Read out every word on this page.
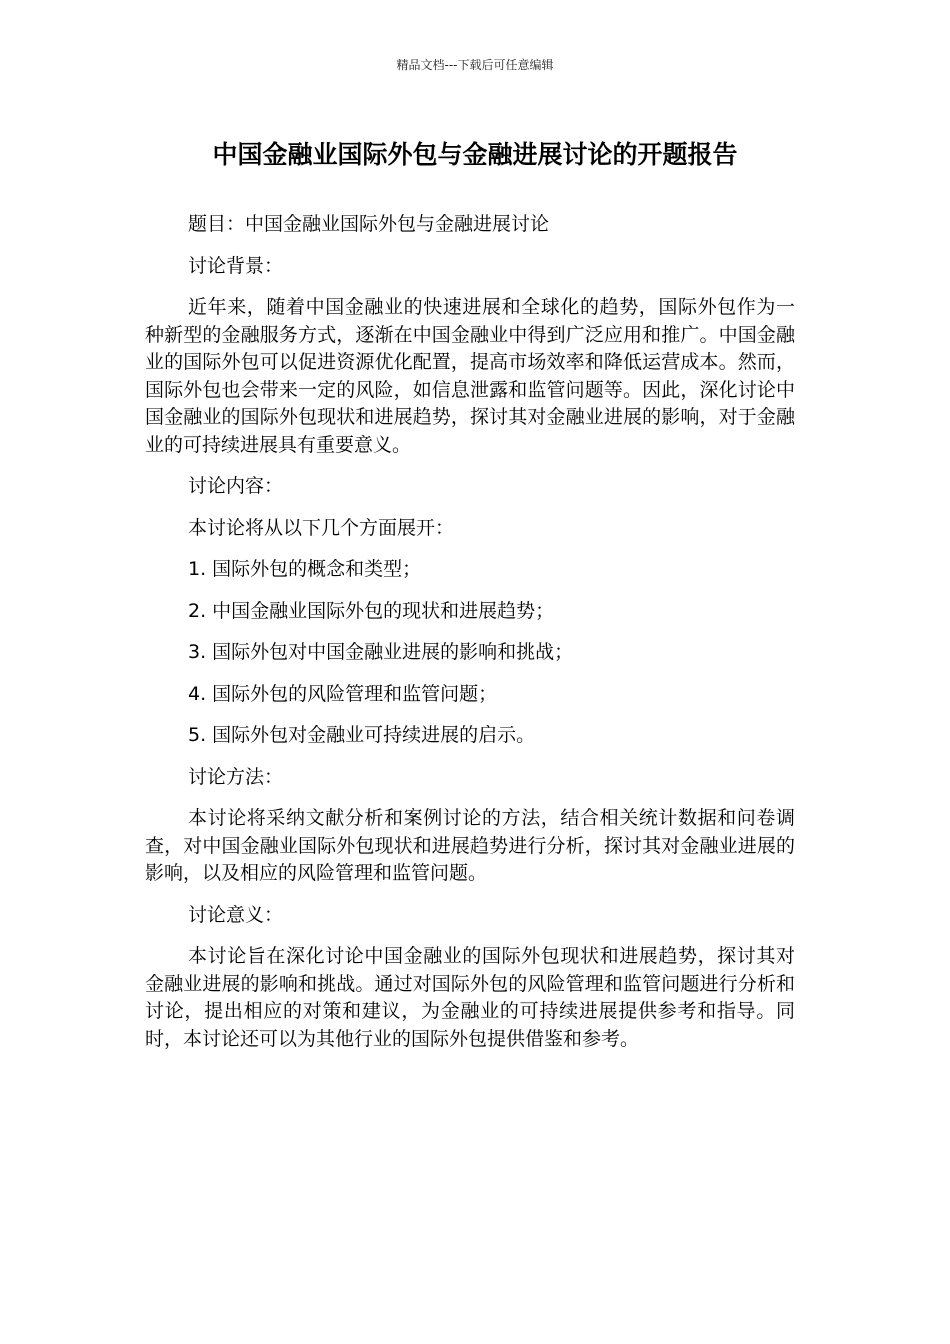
精品文档---下载后可任意编辑
中国金融业国际外包与金融进展讨论的开题报告

题目：中国金融业国际外包与金融进展讨论

讨论背景：

近年来，随着中国金融业的快速进展和全球化的趋势，国际外包作为一种新型的金融服务方式，逐渐在中国金融业中得到广泛应用和推广。中国金融业的国际外包可以促进资源优化配置，提高市场效率和降低运营成本。然而，国际外包也会带来一定的风险，如信息泄露和监管问题等。因此，深化讨论中国金融业的国际外包现状和进展趋势，探讨其对金融业进展的影响，对于金融业的可持续进展具有重要意义。

讨论内容：

本讨论将从以下几个方面展开：

1. 国际外包的概念和类型；

2. 中国金融业国际外包的现状和进展趋势；

3. 国际外包对中国金融业进展的影响和挑战；

4. 国际外包的风险管理和监管问题；

5. 国际外包对金融业可持续进展的启示。

讨论方法：

本讨论将采纳文献分析和案例讨论的方法，结合相关统计数据和问卷调查，对中国金融业国际外包现状和进展趋势进行分析，探讨其对金融业进展的影响，以及相应的风险管理和监管问题。

讨论意义：

本讨论旨在深化讨论中国金融业的国际外包现状和进展趋势，探讨其对金融业进展的影响和挑战。通过对国际外包的风险管理和监管问题进行分析和讨论，提出相应的对策和建议，为金融业的可持续进展提供参考和指导。同时，本讨论还可以为其他行业的国际外包提供借鉴和参考。
